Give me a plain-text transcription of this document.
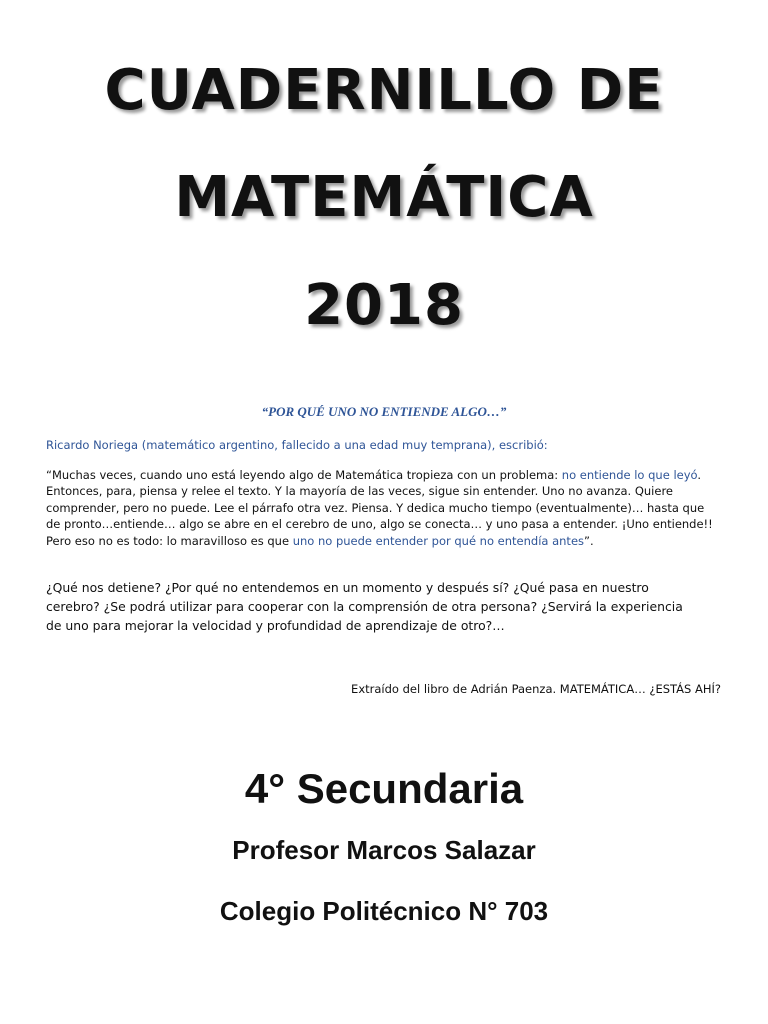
CUADERNILLO DE
MATEMÁTICA
2018
“POR QUÉ UNO NO ENTIENDE ALGO…”
Ricardo Noriega (matemático argentino, fallecido a una edad muy temprana), escribió:
“Muchas veces, cuando uno está leyendo algo de Matemática tropieza con un problema: no entiende lo que leyó. Entonces, para, piensa y relee el texto. Y la mayoría de las veces, sigue sin entender. Uno no avanza. Quiere comprender, pero no puede. Lee el párrafo otra vez. Piensa. Y dedica mucho tiempo (eventualmente)… hasta que de pronto…entiende… algo se abre en el cerebro de uno, algo se conecta… y uno pasa a entender. ¡Uno entiende!! Pero eso no es todo: lo maravilloso es que uno no puede entender por qué no entendía antes”.
¿Qué nos detiene? ¿Por qué no entendemos en un momento y después sí? ¿Qué pasa en nuestro cerebro? ¿Se podrá utilizar para cooperar con la comprensión de otra persona? ¿Servirá la experiencia de uno para mejorar la velocidad y profundidad de aprendizaje de otro?…
Extraído del libro de Adrián Paenza. MATEMÁTICA… ¿ESTÁS AHÍ?
4° Secundaria
Profesor Marcos Salazar
Colegio Politécnico N° 703
